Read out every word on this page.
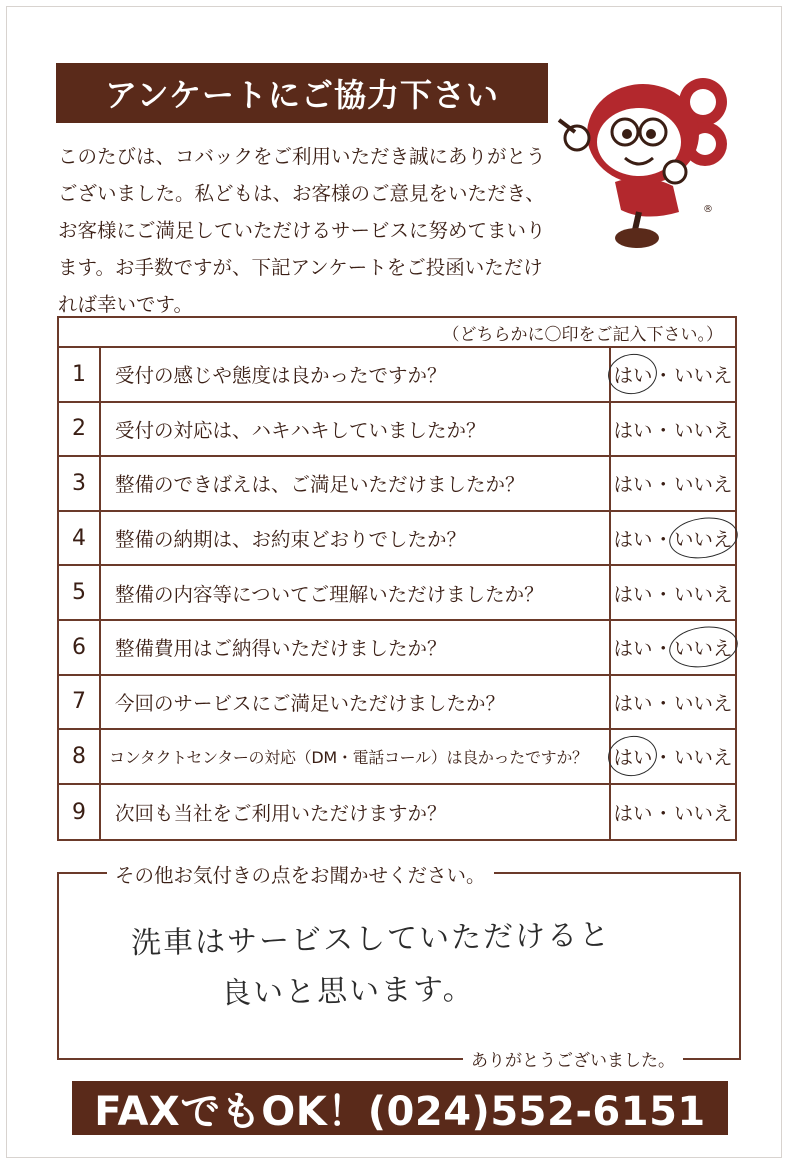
アンケートにご協力下さい

このたびは、コバックをご利用いただき誠にありがとうございました。私どもは、お客様のご意見をいただき、お客様にご満足していただけるサービスに努めてまいります。お手数ですが、下記アンケートをご投函いただければ幸いです。

®
（どちらかに〇印をご記入下さい。）
1	受付の感じや態度は良かったですか？	はい ・ いいえ
2	受付の対応は、ハキハキしていましたか？	はい ・ いいえ
3	整備のできばえは、ご満足いただけましたか？	はい ・ いいえ
4	整備の納期は、お約束どおりでしたか？	はい ・ いいえ
5	整備の内容等についてご理解いただけましたか？	はい ・ いいえ
6	整備費用はご納得いただけましたか？	はい ・ いいえ
7	今回のサービスにご満足いただけましたか？	はい ・ いいえ
8	コンタクトセンターの対応（DM・電話コール）は良かったですか？	はい ・ いいえ
9	次回も当社をご利用いただけますか？	はい ・ いいえ
その他お気付きの点をお聞かせください。
洗車はサービスしていただけると
良いと思います。
ありがとうございました。
FAXでもOK！(024)552-6151
